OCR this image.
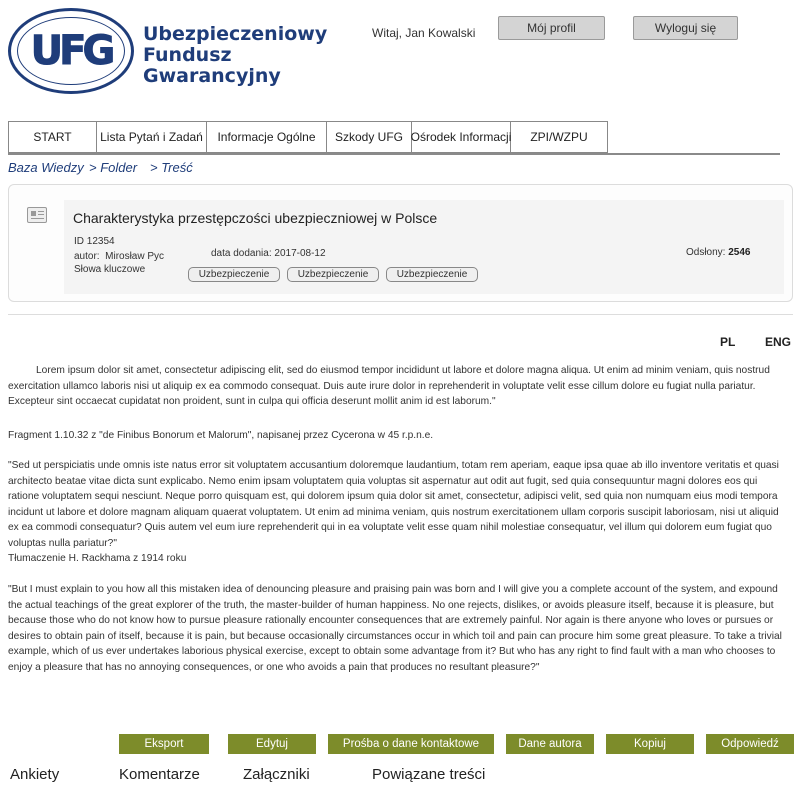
UFG Ubezpieczeniowy
Fundusz
Gwarancyjny
Witaj, Jan Kowalski	Mój profil	Wyloguj się
START	Lista Pytań i Zadań	Informacje Ogólne	Szkody UFG Ośrodek Informacji	ZPI/WZPU
Baza Wiedzy > Folder > Treść
Charakterystyka przestępczości ubezpieczniowej w Polsce
ID 12354
autor: Mirosław Pyc
Słowa kluczowe
data dodania: 2017-08-12
Uzbezpieczenie	Uzbezpieczenie	Uzbezpieczenie
Odsłony: 2546
PL ENG

Lorem ipsum dolor sit amet, consectetur adipiscing elit, sed do eiusmod tempor incididunt ut labore et dolore magna aliqua. Ut enim ad minim veniam, quis nostrud exercitation ullamco laboris nisi ut aliquip ex ea commodo consequat. Duis aute irure dolor in reprehenderit in voluptate velit esse cillum dolore eu fugiat nulla pariatur. Excepteur sint occaecat cupidatat non proident, sunt in culpa qui officia deserunt mollit anim id est laborum."

Fragment 1.10.32 z "de Finibus Bonorum et Malorum", napisanej przez Cycerona w 45 r.p.n.e.

"Sed ut perspiciatis unde omnis iste natus error sit voluptatem accusantium doloremque laudantium, totam rem aperiam, eaque ipsa quae ab illo inventore veritatis et quasi architecto beatae vitae dicta sunt explicabo. Nemo enim ipsam voluptatem quia voluptas sit aspernatur aut odit aut fugit, sed quia consequuntur magni dolores eos qui ratione voluptatem sequi nesciunt. Neque porro quisquam est, qui dolorem ipsum quia dolor sit amet, consectetur, adipisci velit, sed quia non numquam eius modi tempora incidunt ut labore et dolore magnam aliquam quaerat voluptatem. Ut enim ad minima veniam, quis nostrum exercitationem ullam corporis suscipit laboriosam, nisi ut aliquid ex ea commodi consequatur? Quis autem vel eum iure reprehenderit qui in ea voluptate velit esse quam nihil molestiae consequatur, vel illum qui dolorem eum fugiat quo voluptas nulla pariatur?"

Tłumaczenie H. Rackhama z 1914 roku

"But I must explain to you how all this mistaken idea of denouncing pleasure and praising pain was born and I will give you a complete account of the system, and expound the actual teachings of the great explorer of the truth, the master-builder of human happiness. No one rejects, dislikes, or avoids pleasure itself, because it is pleasure, but because those who do not know how to pursue pleasure rationally encounter consequences that are extremely painful. Nor again is there anyone who loves or pursues or desires to obtain pain of itself, because it is pain, but because occasionally circumstances occur in which toil and pain can procure him some great pleasure. To take a trivial example, which of us ever undertakes laborious physical exercise, except to obtain some advantage from it? But who has any right to find fault with a man who chooses to enjoy a pleasure that has no annoying consequences, or one who avoids a pain that produces no resultant pleasure?"

Eksport	Edytuj	Prośba o dane kontaktowe	Dane autora	Kopiuj	Odpowiedź
Ankiety	Komentarze	Załączniki	Powiązane treści
